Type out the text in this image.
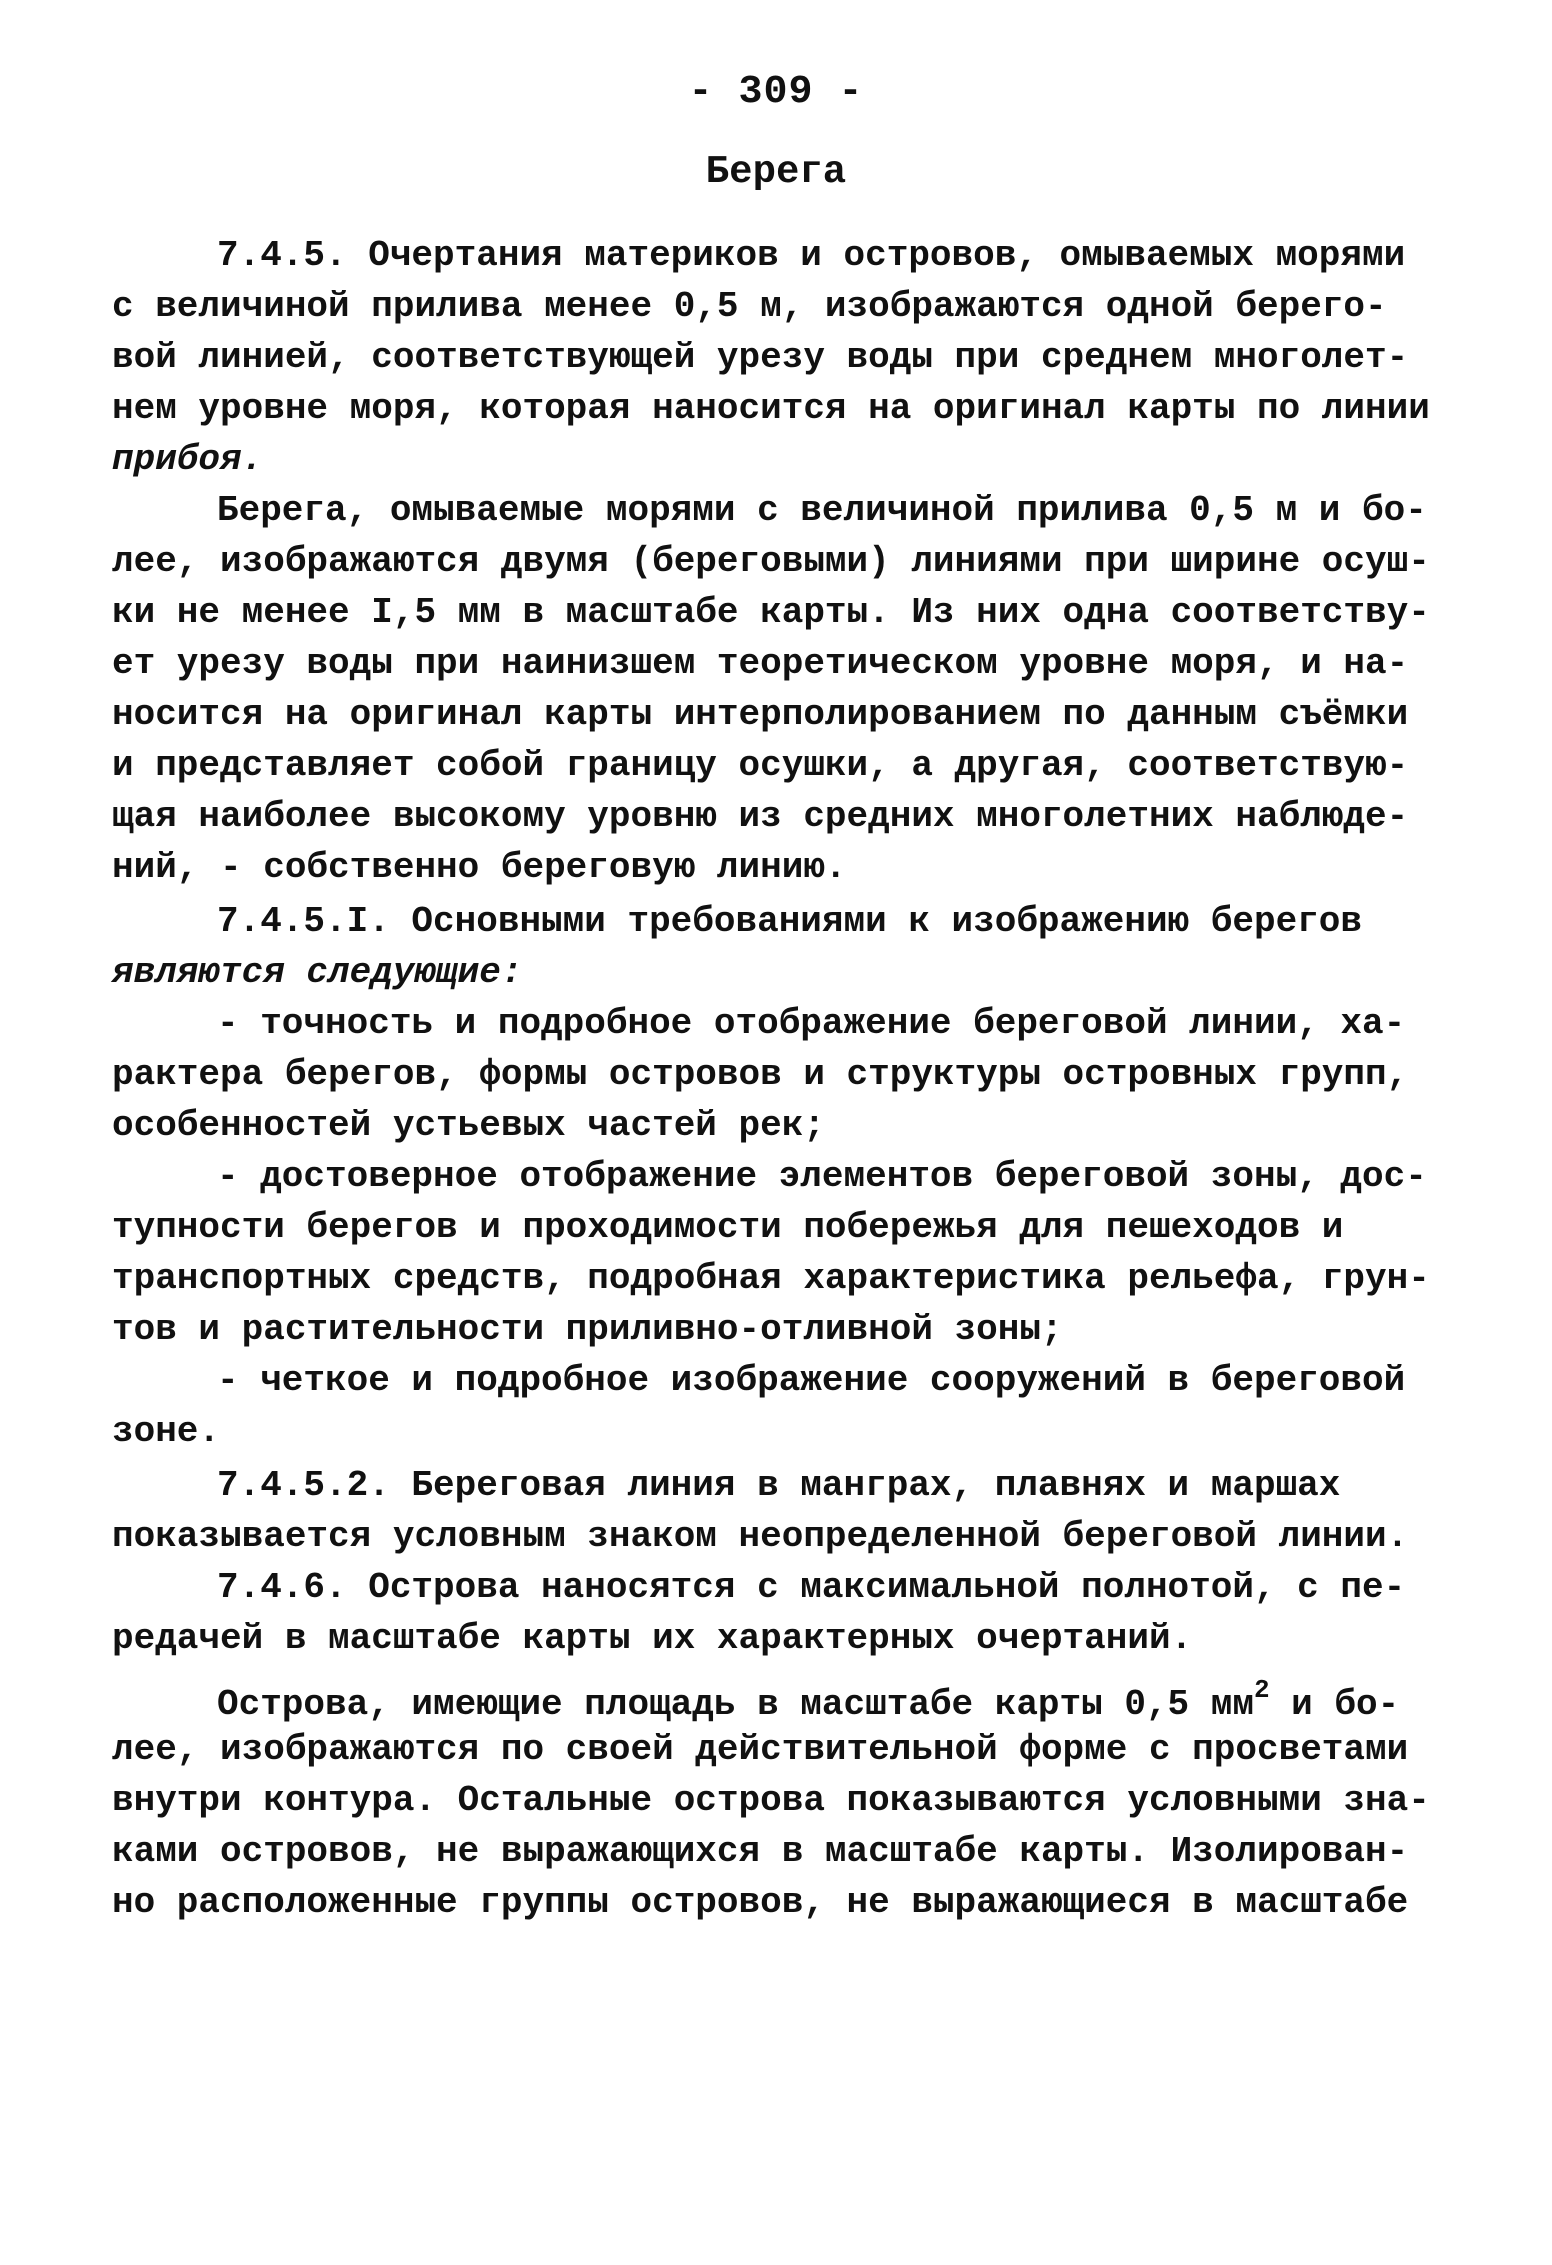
- 309 -
Берега
7.4.5. Очертания материков и островов, омываемых морями
с величиной прилива менее 0,5 м, изображаются одной берего-
вой линией, соответствующей урезу воды при среднем многолет-
нем уровне моря, которая наносится на оригинал карты по линии
прибоя.
Берега, омываемые морями с величиной прилива 0,5 м и бо-
лее, изображаются двумя (береговыми) линиями при ширине осуш-
ки не менее I,5 мм в масштабе карты. Из них одна соответству-
ет урезу воды при наинизшем теоретическом уровне моря, и на-
носится на оригинал карты интерполированием по данным съёмки
и представляет собой границу осушки, а другая, соответствую-
щая наиболее высокому уровню из средних многолетних наблюде-
ний, - собственно береговую линию.
7.4.5.I. Основными требованиями к изображению берегов
являются следующие:
- точность и подробное отображение береговой линии, ха-
рактера берегов, формы островов и структуры островных групп,
особенностей устьевых частей рек;
- достоверное отображение элементов береговой зоны, дос-
тупности берегов и проходимости побережья для пешеходов и
транспортных средств, подробная характеристика рельефа, грун-
тов и растительности приливно-отливной зоны;
- четкое и подробное изображение сооружений в береговой
зоне.
7.4.5.2. Береговая линия в манграх, плавнях и маршах
показывается условным знаком неопределенной береговой линии.
7.4.6. Острова наносятся с максимальной полнотой, с пе-
редачей в масштабе карты их характерных очертаний.
Острова, имеющие площадь в масштабе карты 0,5 $мм^2$ и бо-
лее, изображаются по своей действительной форме с просветами
внутри контура. Остальные острова показываются условными зна-
ками островов, не выражающихся в масштабе карты. Изолирован-
но расположенные группы островов, не выражающиеся в масштабе
